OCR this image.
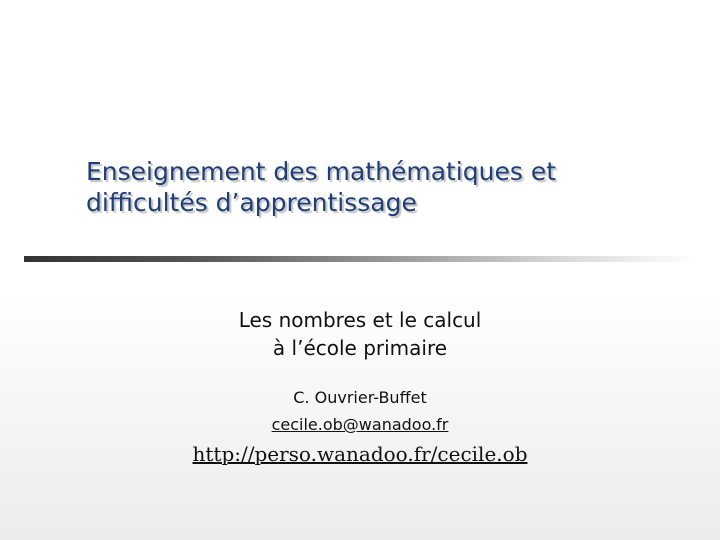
Enseignement des mathématiques et
difficultés d’apprentissage
Les nombres et le calcul
à l’école primaire
C. Ouvrier-Buffet
cecile.ob@wanadoo.fr
http://perso.wanadoo.fr/cecile.ob
